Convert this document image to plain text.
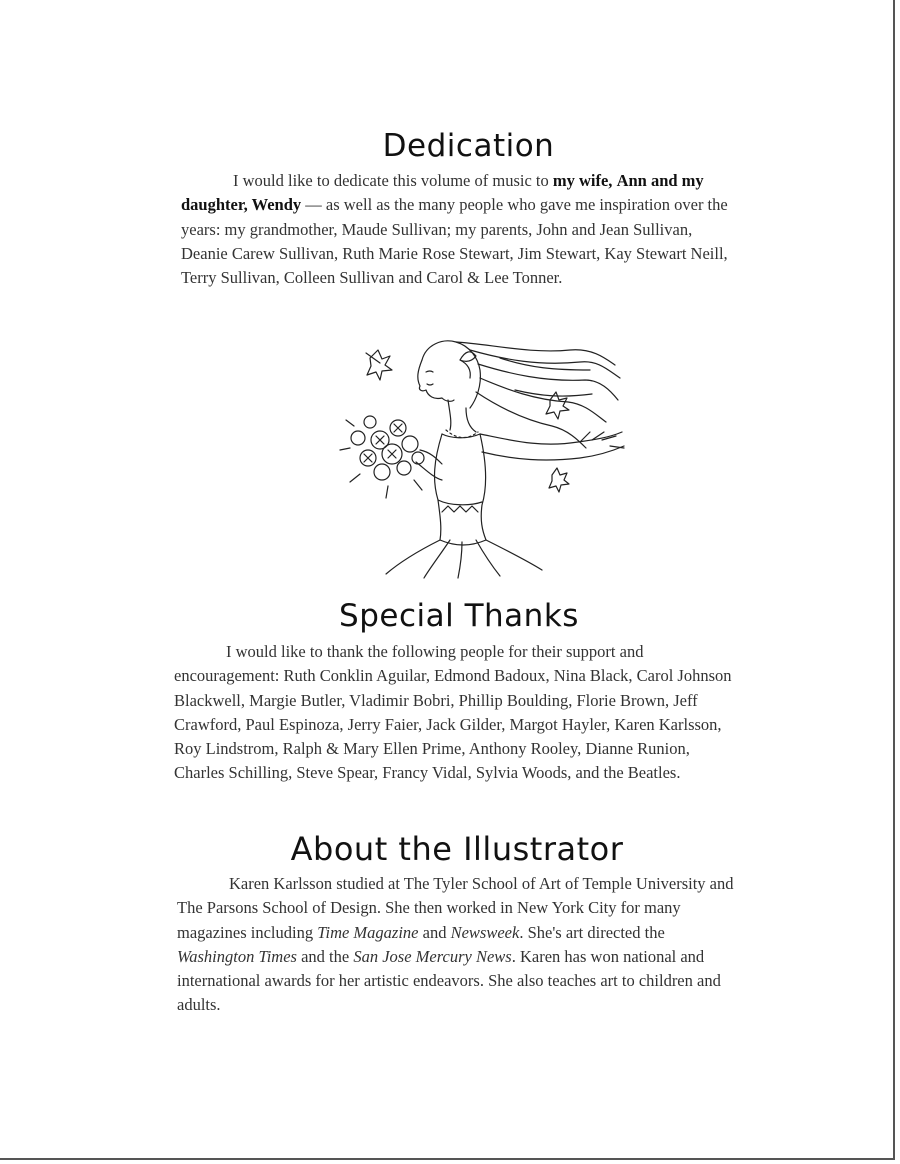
Dedication

I would like to dedicate this volume of music to my wife, Ann and my daughter, Wendy — as well as the many people who gave me inspiration over the years: my grandmother, Maude Sullivan; my parents, John and Jean Sullivan, Deanie Carew Sullivan, Ruth Marie Rose Stewart, Jim Stewart, Kay Stewart Neill, Terry Sullivan, Colleen Sullivan and Carol & Lee Tonner.

Special Thanks

I would like to thank the following people for their support and encouragement: Ruth Conklin Aguilar, Edmond Badoux, Nina Black, Carol Johnson Blackwell, Margie Butler, Vladimir Bobri, Phillip Boulding, Florie Brown, Jeff Crawford, Paul Espinoza, Jerry Faier, Jack Gilder, Margot Hayler, Karen Karlsson, Roy Lindstrom, Ralph & Mary Ellen Prime, Anthony Rooley, Dianne Runion, Charles Schilling, Steve Spear, Francy Vidal, Sylvia Woods, and the Beatles.

About the Illustrator

Karen Karlsson studied at The Tyler School of Art of Temple University and The Parsons School of Design. She then worked in New York City for many magazines including Time Magazine and Newsweek. She's art directed the Washington Times and the San Jose Mercury News. Karen has won national and international awards for her artistic endeavors. She also teaches art to children and adults.
